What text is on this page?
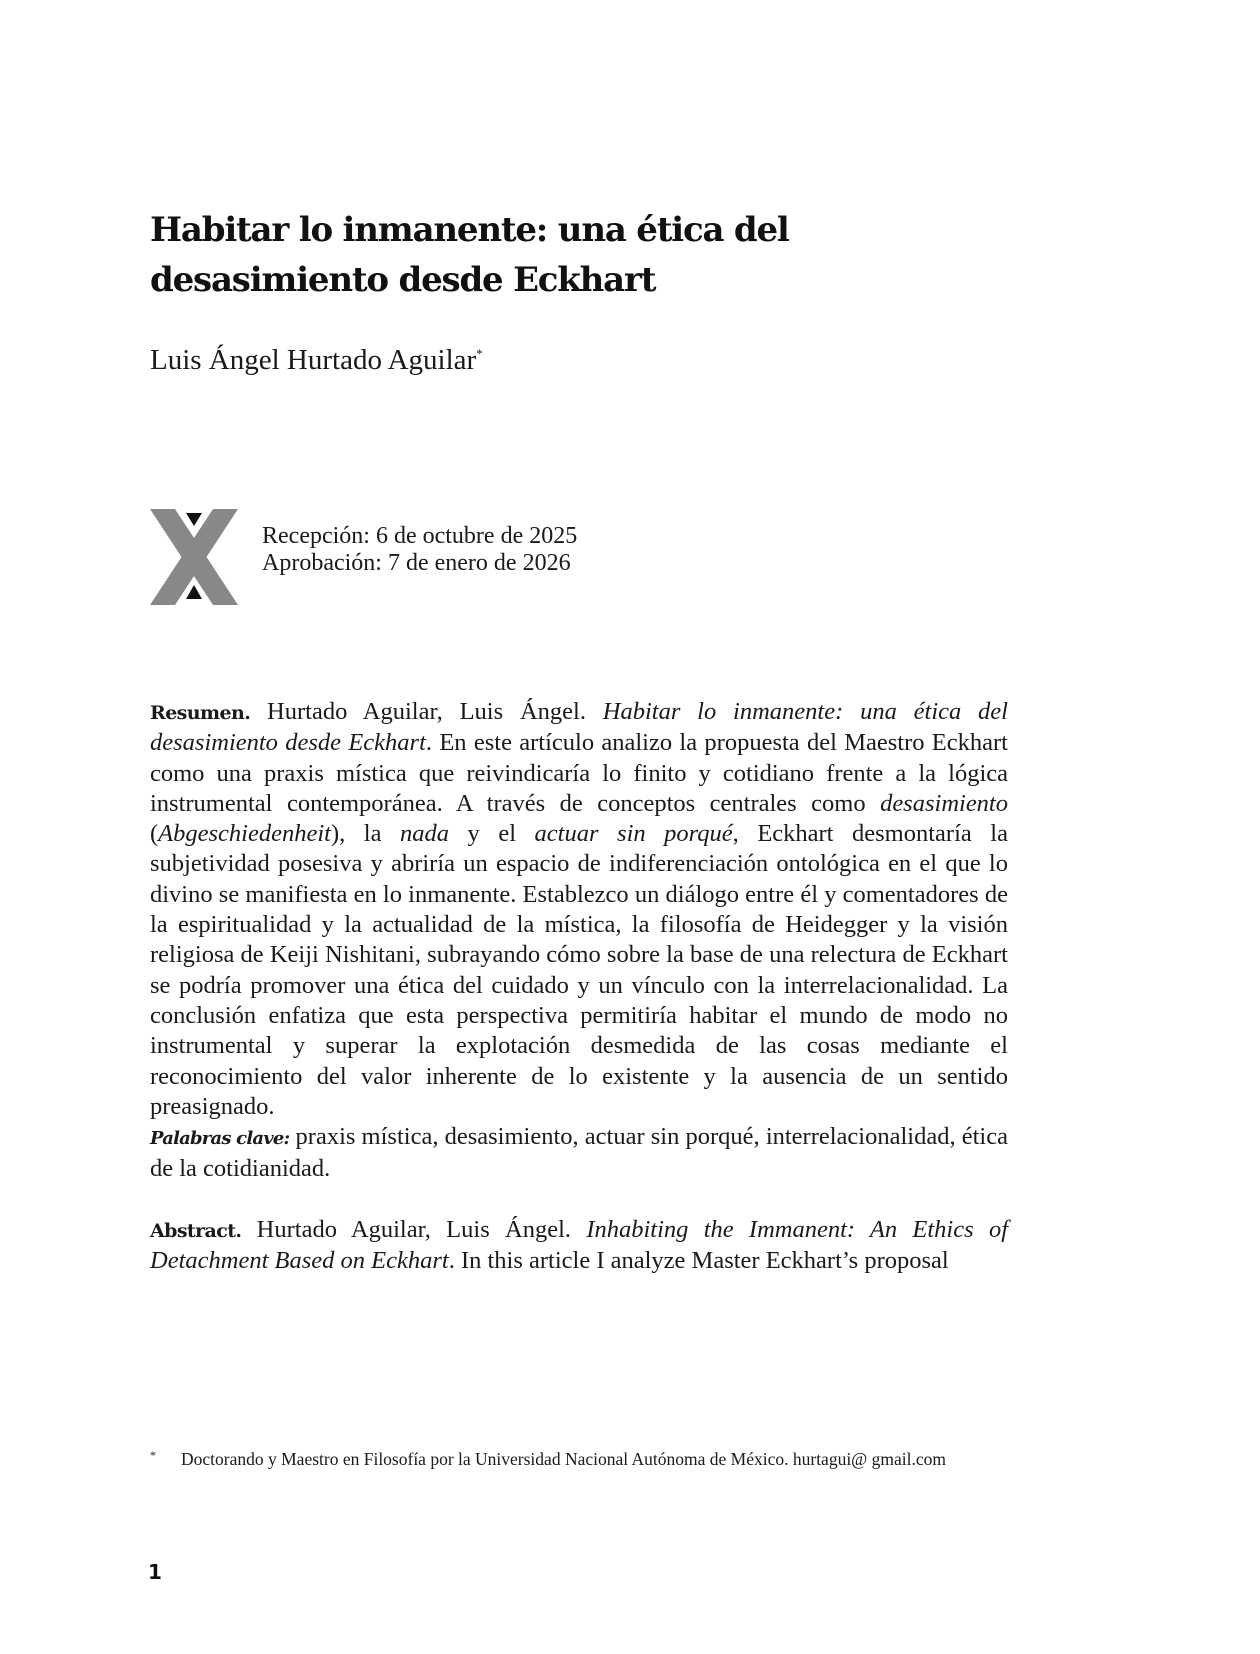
Habitar lo inmanente: una ética del
desasimiento desde Eckhart
Luis Ángel Hurtado Aguilar*
Recepción: 6 de octubre de 2025
Aprobación: 7 de enero de 2026

Resumen. Hurtado Aguilar, Luis Ángel. Habitar lo inmanente: una ética del desasimiento desde Eckhart. En este artículo analizo la propuesta del Maestro Eckhart como una praxis mística que reivindicaría lo finito y cotidiano frente a la lógica instrumental contemporánea. A través de conceptos centrales como desasimiento (Abgeschiedenheit), la nada y el actuar sin porqué, Eckhart desmontaría la subjetividad posesiva y abriría un espacio de indiferenciación ontológica en el que lo divino se manifiesta en lo inmanente. Establezco un diálogo entre él y comentadores de la espiritualidad y la actualidad de la mística, la filosofía de Heidegger y la visión religiosa de Keiji Nishitani, subrayando cómo sobre la base de una relectura de Eckhart se podría promover una ética del cuidado y un vínculo con la interrelacionalidad. La conclusión enfatiza que esta perspectiva permitiría habitar el mundo de modo no instrumental y superar la explotación desmedida de las cosas mediante el reconocimiento del valor inherente de lo existente y la ausencia de un sentido preasignado.

Palabras clave: praxis mística, desasimiento, actuar sin porqué, interrelacionalidad, ética de la cotidianidad.

Abstract. Hurtado Aguilar, Luis Ángel. Inhabiting the Immanent: An Ethics of Detachment Based on Eckhart. In this article I analyze Master Eckhart’s proposal

* Doctorando y Maestro en Filosofía por la Universidad Nacional Autónoma de México. hurtagui@ gmail.com
1
